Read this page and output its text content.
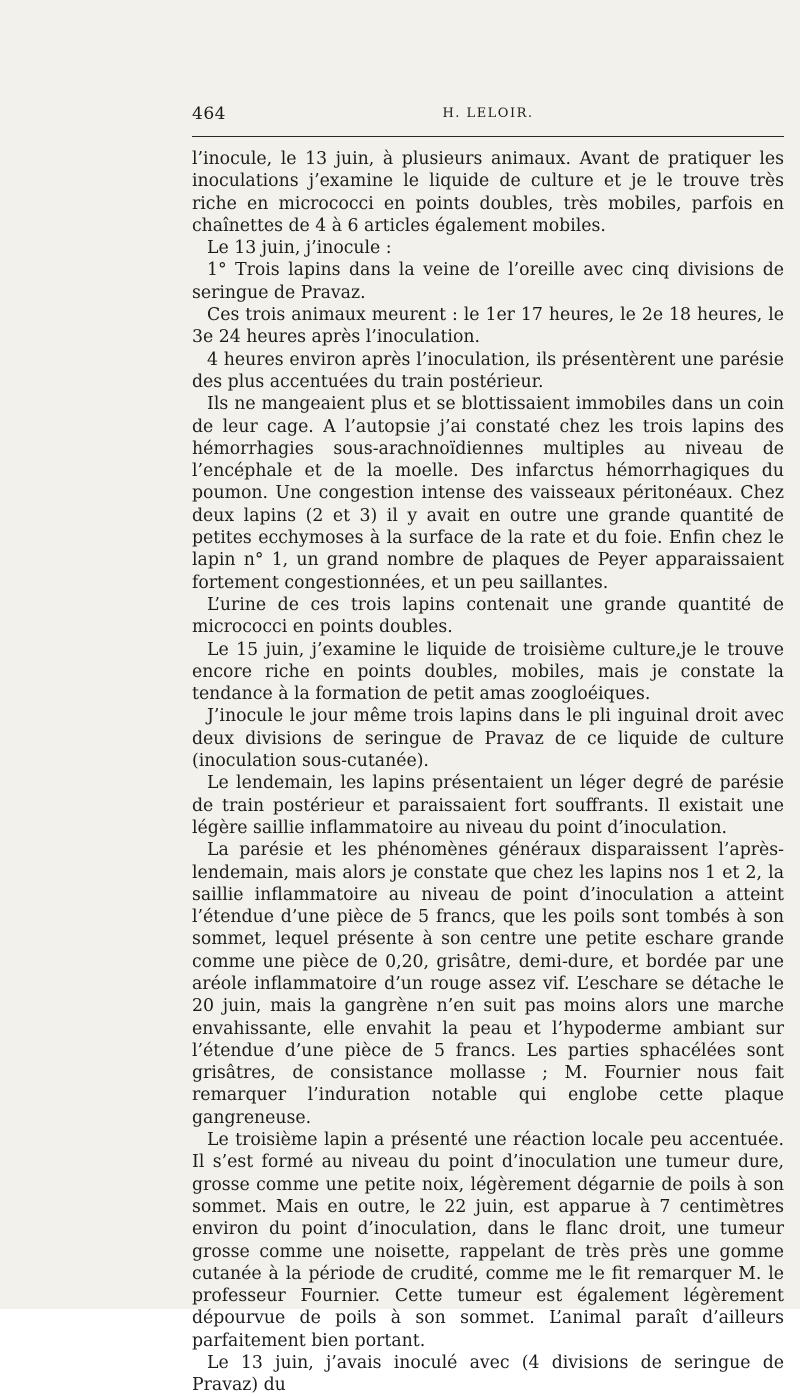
464	H. LELOIR.

l’inocule, le 13 juin, à plusieurs animaux. Avant de pratiquer les inoculations j’examine le liquide de culture et je le trouve très riche en micrococci en points doubles, très mobiles, parfois en chaînettes de 4 à 6 articles également mobiles.

Le 13 juin, j’inocule :

1° Trois lapins dans la veine de l’oreille avec cinq divisions de seringue de Pravaz.

Ces trois animaux meurent : le 1er 17 heures, le 2e 18 heures, le 3e 24 heures après l’inoculation.

4 heures environ après l’inoculation, ils présentèrent une parésie des plus accentuées du train postérieur.

Ils ne mangeaient plus et se blottissaient immobiles dans un coin de leur cage. A l’autopsie j’ai constaté chez les trois lapins des hémorrhagies sous-arachnoïdiennes multiples au niveau de l’encéphale et de la moelle. Des infarctus hémorrhagiques du poumon. Une congestion intense des vaisseaux péritonéaux. Chez deux lapins (2 et 3) il y avait en outre une grande quantité de petites ecchymoses à la surface de la rate et du foie. Enfin chez le lapin n° 1, un grand nombre de plaques de Peyer apparaissaient fortement congestionnées, et un peu saillantes.

L’urine de ces trois lapins contenait une grande quantité de micrococci en points doubles.

Le 15 juin, j’examine le liquide de troisième culture,je le trouve encore riche en points doubles, mobiles, mais je constate la tendance à la formation de petit amas zoogloéiques.

J’inocule le jour même trois lapins dans le pli inguinal droit avec deux divisions de seringue de Pravaz de ce liquide de culture (inoculation sous-cutanée).

Le lendemain, les lapins présentaient un léger degré de parésie de train postérieur et paraissaient fort souffrants. Il existait une légère saillie inflammatoire au niveau du point d’inoculation.

La parésie et les phénomènes généraux disparaissent l’après-lendemain, mais alors je constate que chez les lapins nos 1 et 2, la saillie inflammatoire au niveau de point d’inoculation a atteint l’étendue d’une pièce de 5 francs, que les poils sont tombés à son sommet, lequel présente à son centre une petite eschare grande comme une pièce de 0,20, grisâtre, demi-dure, et bordée par une aréole inflammatoire d’un rouge assez vif. L’eschare se détache le 20 juin, mais la gangrène n’en suit pas moins alors une marche envahissante, elle envahit la peau et l’hypoderme ambiant sur l’étendue d’une pièce de 5 francs. Les parties sphacélées sont grisâtres, de consistance mollasse ; M. Fournier nous fait remarquer l’induration notable qui englobe cette plaque gangreneuse.

Le troisième lapin a présenté une réaction locale peu accentuée. Il s’est formé au niveau du point d’inoculation une tumeur dure, grosse comme une petite noix, légèrement dégarnie de poils à son sommet. Mais en outre, le 22 juin, est apparue à 7 centimètres environ du point d’inoculation, dans le flanc droit, une tumeur grosse comme une noisette, rappelant de très près une gomme cutanée à la période de crudité, comme me le fit remarquer M. le professeur Fournier. Cette tumeur est également légèrement dépourvue de poils à son sommet. L’animal paraît d’ailleurs parfaitement bien portant.

Le 13 juin, j’avais inoculé avec (4 divisions de seringue de Pravaz) du
